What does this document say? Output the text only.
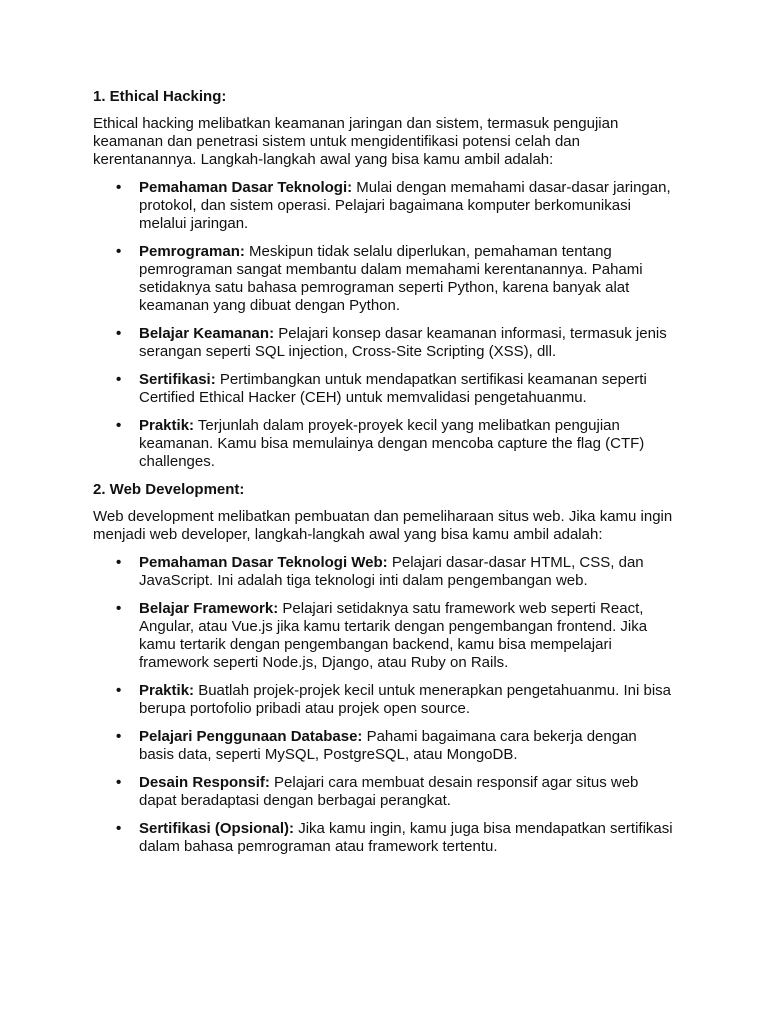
1. Ethical Hacking:

Ethical hacking melibatkan keamanan jaringan dan sistem, termasuk pengujian keamanan dan penetrasi sistem untuk mengidentifikasi potensi celah dan kerentanannya. Langkah-langkah awal yang bisa kamu ambil adalah:

• Pemahaman Dasar Teknologi: Mulai dengan memahami dasar-dasar jaringan, protokol, dan sistem operasi. Pelajari bagaimana komputer berkomunikasi melalui jaringan.
• Pemrograman: Meskipun tidak selalu diperlukan, pemahaman tentang pemrograman sangat membantu dalam memahami kerentanannya. Pahami setidaknya satu bahasa pemrograman seperti Python, karena banyak alat keamanan yang dibuat dengan Python.
• Belajar Keamanan: Pelajari konsep dasar keamanan informasi, termasuk jenis serangan seperti SQL injection, Cross-Site Scripting (XSS), dll.
• Sertifikasi: Pertimbangkan untuk mendapatkan sertifikasi keamanan seperti Certified Ethical Hacker (CEH) untuk memvalidasi pengetahuanmu.
• Praktik: Terjunlah dalam proyek-proyek kecil yang melibatkan pengujian keamanan. Kamu bisa memulainya dengan mencoba capture the flag (CTF) challenges.

2. Web Development:

Web development melibatkan pembuatan dan pemeliharaan situs web. Jika kamu ingin menjadi web developer, langkah-langkah awal yang bisa kamu ambil adalah:

• Pemahaman Dasar Teknologi Web: Pelajari dasar-dasar HTML, CSS, dan JavaScript. Ini adalah tiga teknologi inti dalam pengembangan web.
• Belajar Framework: Pelajari setidaknya satu framework web seperti React, Angular, atau Vue.js jika kamu tertarik dengan pengembangan frontend. Jika kamu tertarik dengan pengembangan backend, kamu bisa mempelajari framework seperti Node.js, Django, atau Ruby on Rails.
• Praktik: Buatlah projek-projek kecil untuk menerapkan pengetahuanmu. Ini bisa berupa portofolio pribadi atau projek open source.
• Pelajari Penggunaan Database: Pahami bagaimana cara bekerja dengan basis data, seperti MySQL, PostgreSQL, atau MongoDB.
• Desain Responsif: Pelajari cara membuat desain responsif agar situs web dapat beradaptasi dengan berbagai perangkat.
• Sertifikasi (Opsional): Jika kamu ingin, kamu juga bisa mendapatkan sertifikasi dalam bahasa pemrograman atau framework tertentu.
